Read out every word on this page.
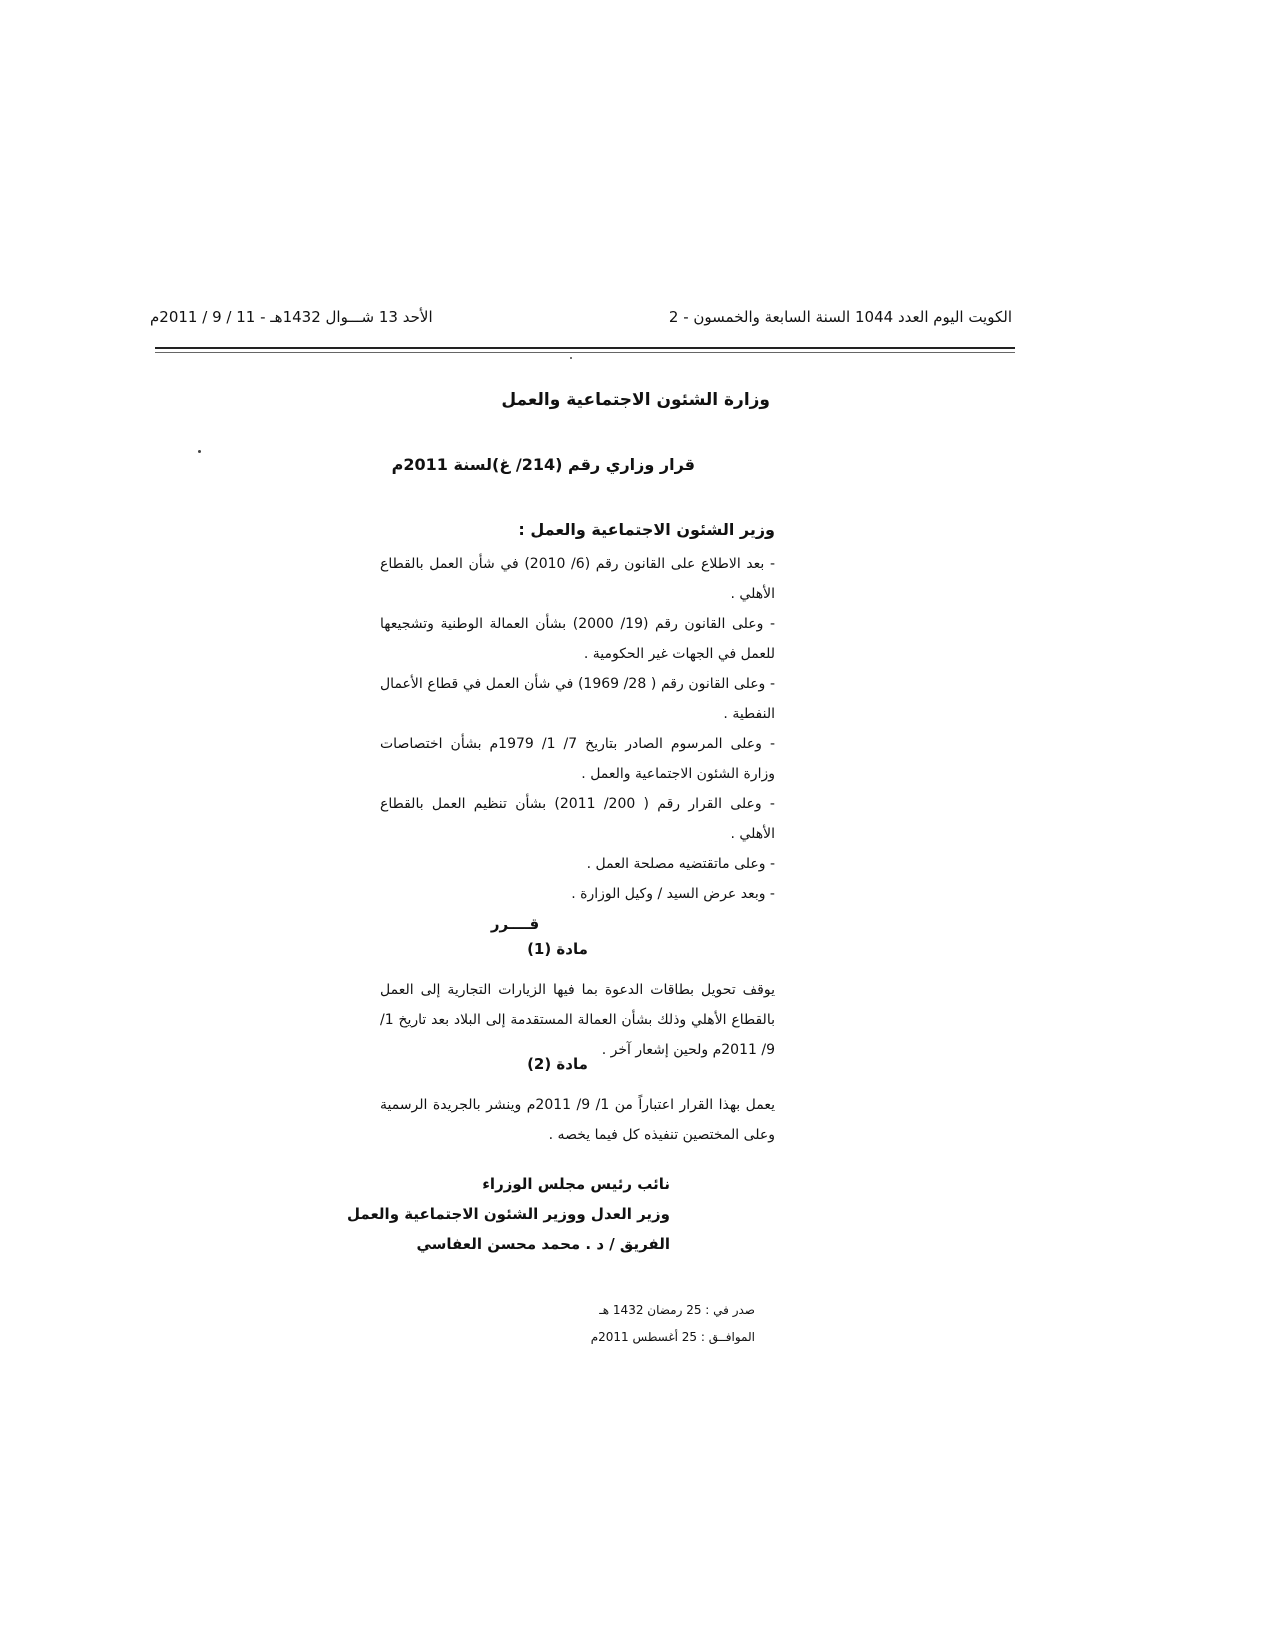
الكويت اليوم العدد 1044 السنة السابعة والخمسون - 2
الأحد 13 شـــوال 1432هـ - 11 / 9 / 2011م
وزارة الشئون الاجتماعية والعمل
قرار وزاري رقم (214/ غ)لسنة 2011م
وزير الشئون الاجتماعية والعمل :

- بعد الاطلاع على القانون رقم (6/ 2010) في شأن العمل بالقطاع الأهلي .

- وعلى القانون رقم (19/ 2000) بشأن العمالة الوطنية وتشجيعها للعمل في الجهات غير الحكومية .

- وعلى القانون رقم ( 28/ 1969) في شأن العمل في قطاع الأعمال النفطية .

- وعلى المرسوم الصادر بتاريخ 7/ 1/ 1979م بشأن اختصاصات وزارة الشئون الاجتماعية والعمل .

- وعلى القرار رقم ( 200/ 2011) بشأن تنظيم العمل بالقطاع الأهلي .

- وعلى ماتقتضيه مصلحة العمل .

- وبعد عرض السيد / وكيل الوزارة .

قــــرر
مادة (1)
يوقف تحويل بطاقات الدعوة بما فيها الزيارات التجارية إلى العمل بالقطاع الأهلي وذلك بشأن العمالة المستقدمة إلى البلاد بعد تاريخ 1/ 9/ 2011م ولحين إشعار آخر .
مادة (2)
يعمل بهذا القرار اعتباراً من 1/ 9/ 2011م وينشر بالجريدة الرسمية وعلى المختصين تنفيذه كل فيما يخصه .
نائب رئيس مجلس الوزراء
وزير العدل ووزير الشئون الاجتماعية والعمل
الفريق / د . محمد محسن العفاسي
صدر في : 25 رمضان 1432 هـ
الموافــق : 25 أغسطس 2011م
